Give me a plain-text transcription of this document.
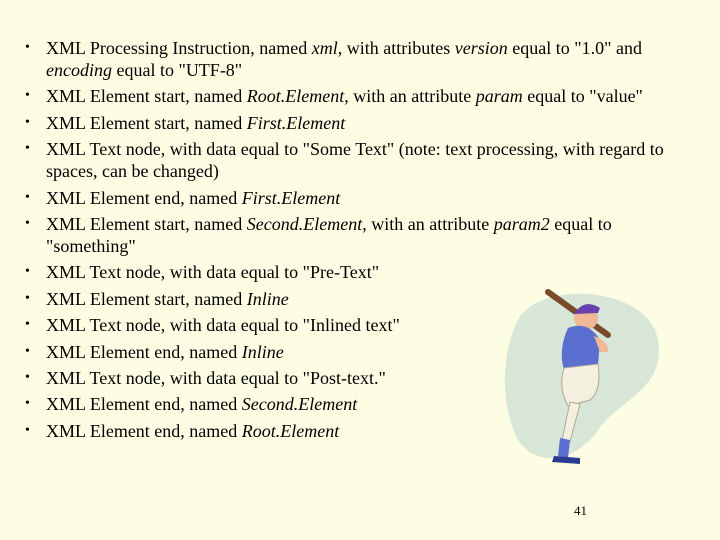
• XML Processing Instruction, named xml, with attributes version equal to "1.0" and encoding equal to "UTF-8"
• XML Element start, named Root.Element, with an attribute param equal to "value"
• XML Element start, named First.Element
• XML Text node, with data equal to "Some Text" (note: text processing, with regard to spaces, can be changed)
• XML Element end, named First.Element
• XML Element start, named Second.Element, with an attribute param2 equal to "something"
• XML Text node, with data equal to "Pre-Text"
• XML Element start, named Inline
• XML Text node, with data equal to "Inlined text"
• XML Element end, named Inline
• XML Text node, with data equal to "Post-text."
• XML Element end, named Second.Element
• XML Element end, named Root.Element
41
